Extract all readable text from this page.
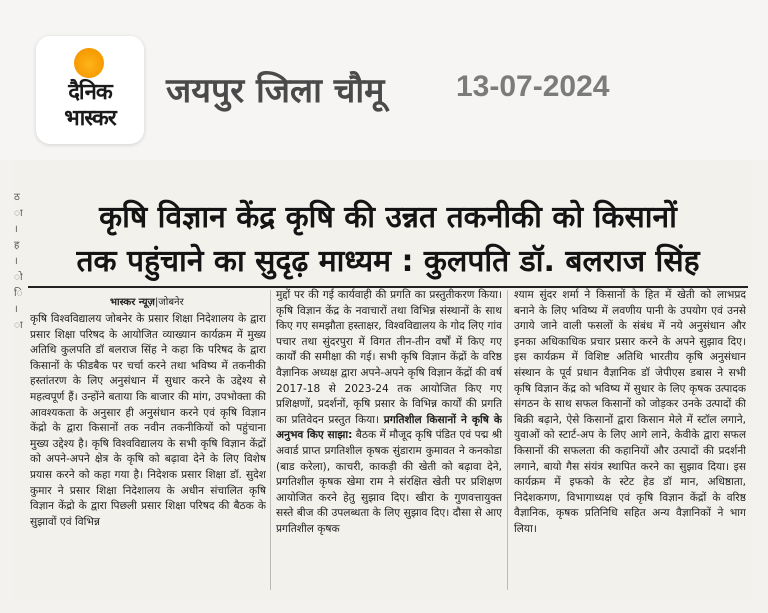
दैनिक
भास्कर
जयपुर जिला चौमू 13-07-2024
ठ ा । ह । ो ि । ा
कृषि विज्ञान केंद्र कृषि की उन्नत तकनीकी को किसानों
तक पहुंचाने का सुदृढ़ माध्यम : कुलपति डॉ. बलराज सिंह
भास्कर न्यूज़|जोबनेर
कृषि विश्वविद्यालय जोबनेर के प्रसार शिक्षा निदेशालय के द्वारा प्रसार शिक्षा परिषद के आयोजित व्याख्यान कार्यक्रम में मुख्य अतिथि कुलपति डॉ बलराज सिंह ने कहा कि परिषद के द्वारा किसानों के फीडबैक पर चर्चा करने तथा भविष्य में तकनीकी हस्तांतरण के लिए अनुसंधान में सुधार करने के उद्देश्य से महत्वपूर्ण हैं। उन्होंने बताया कि बाजार की मांग, उपभोक्ता की आवश्यकता के अनुसार ही अनुसंधान करने एवं कृषि विज्ञान केंद्रो के द्वारा किसानों तक नवीन तकनीकियों को पहुंचाना मुख्य उद्देश्य है। कृषि विश्वविद्यालय के सभी कृषि विज्ञान केंद्रों को अपने-अपने क्षेत्र के कृषि को बढ़ावा देने के लिए विशेष प्रयास करने को कहा गया है। निदेशक प्रसार शिक्षा डॉ. सुदेश कुमार ने प्रसार शिक्षा निदेशालय के अधीन संचालित कृषि विज्ञान केंद्रो के द्वारा पिछली प्रसार शिक्षा परिषद की बैठक के सुझावों एवं विभिन्न
मुद्दों पर की गई कार्यवाही की प्रगति का प्रस्तुतीकरण किया। कृषि विज्ञान केंद्र के नवाचारों तथा विभिन्न संस्थानों के साथ किए गए समझौता हस्ताक्षर, विश्वविद्यालय के गोद लिए गांव पचार तथा सुंदरपुरा में विगत तीन-तीन वर्षों में किए गए कार्यों की समीक्षा की गई। सभी कृषि विज्ञान केंद्रों के वरिष्ठ वैज्ञानिक अध्यक्ष द्वारा अपने-अपने कृषि विज्ञान केंद्रों की वर्ष 2017-18 से 2023-24 तक आयोजित किए गए प्रशिक्षणों, प्रदर्शनों, कृषि प्रसार के विभिन्न कार्यों की प्रगति का प्रतिवेदन प्रस्तुत किया। प्रगतिशील किसानों ने कृषि के अनुभव किए साझा: बैठक में मौजूद कृषि पंडित एवं पद्म श्री अवार्ड प्राप्त प्रगतिशील कृषक सुंडाराम कुमावत ने कनकोडा (बाड करेला), काचरी, काकड़ी की खेती को बढ़ावा देने, प्रगतिशील कृषक खेमा राम ने संरक्षित खेती पर प्रशिक्षण आयोजित करने हेतु सुझाव दिए। खीरा के गुणवत्तायुक्त सस्ते बीज की उपलब्धता के लिए सुझाव दिए। दौसा से आए प्रगतिशील कृषक
श्याम सुंदर शर्मा ने किसानों के हित में खेती को लाभप्रद बनाने के लिए भविष्य में लवणीय पानी के उपयोग एवं उनसे उगाये जाने वाली फसलों के संबंध में नये अनुसंधान और इनका अधिकाधिक प्रचार प्रसार करने के अपने सुझाव दिए। इस कार्यक्रम में विशिष्ट अतिथि भारतीय कृषि अनुसंधान संस्थान के पूर्व प्रधान वैज्ञानिक डॉ जेपीएस डबास ने सभी कृषि विज्ञान केंद्र को भविष्य में सुधार के लिए कृषक उत्पादक संगठन के साथ सफल किसानों को जोड़कर उनके उत्पादों की बिक्री बढ़ाने, ऐसे किसानों द्वारा किसान मेले में स्टॉल लगाने, युवाओं को स्टार्ट-अप के लिए आगे लाने, केवीके द्वारा सफल किसानों की सफलता की कहानियों और उत्पादों की प्रदर्शनी लगाने, बायो गैस संयंत्र स्थापित करने का सुझाव दिया। इस कार्यक्रम में इफको के स्टेट हेड डॉ मान, अधिष्ठाता, निदेशकगण, विभागाध्यक्ष एवं कृषि विज्ञान केंद्रों के वरिष्ठ वैज्ञानिक, कृषक प्रतिनिधि सहित अन्य वैज्ञानिकों ने भाग लिया।
